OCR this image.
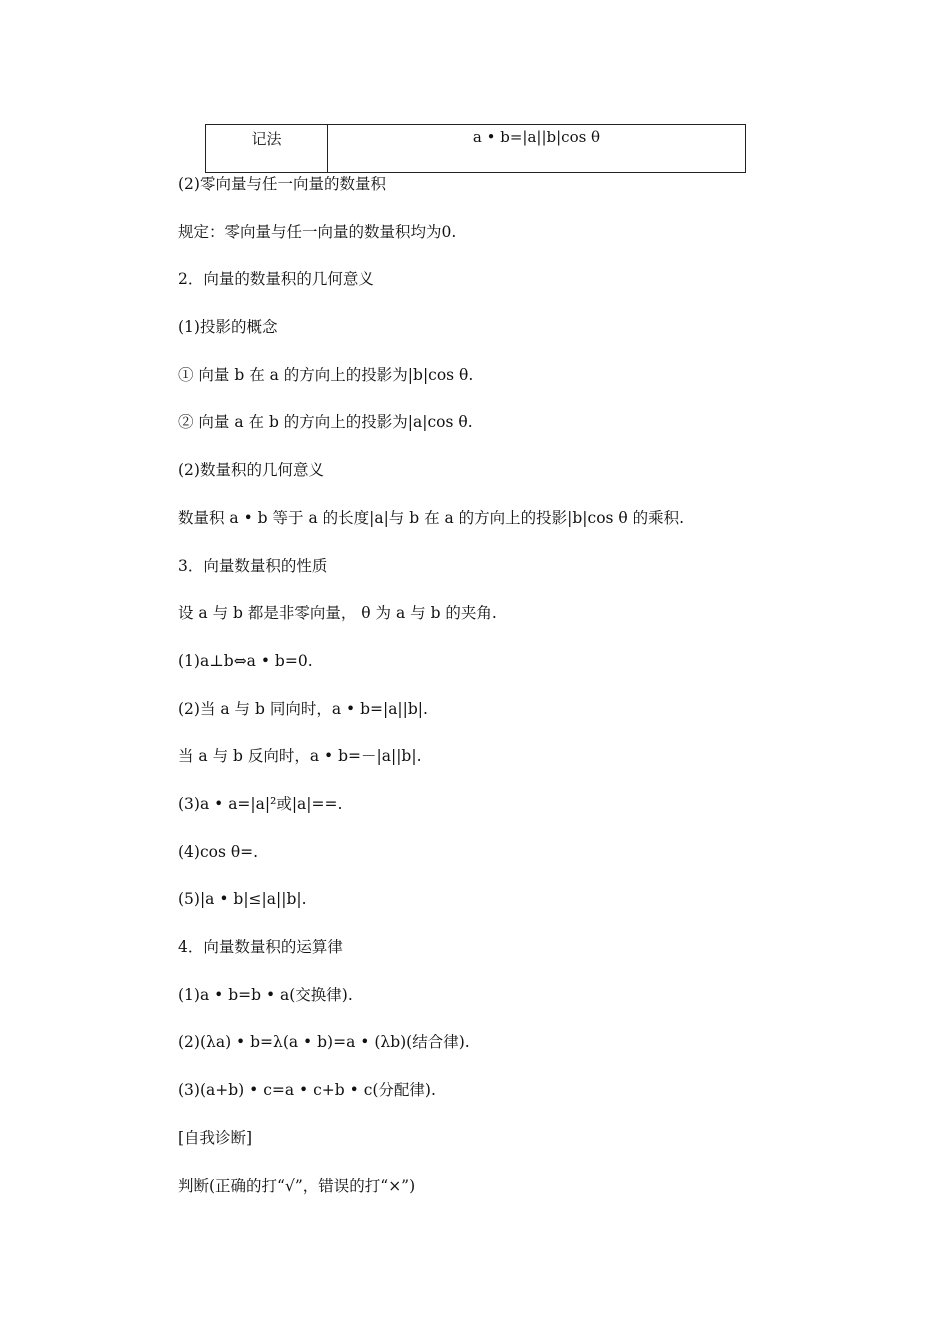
记法	a • b=|a||b|cos θ
(2)零向量与任一向量的数量积
规定：零向量与任一向量的数量积均为0.
2．向量的数量积的几何意义
(1)投影的概念
① 向量 b 在 a 的方向上的投影为|b|cos θ.
② 向量 a 在 b 的方向上的投影为|a|cos θ.
(2)数量积的几何意义
数量积 a • b 等于 a 的长度|a|与 b 在 a 的方向上的投影|b|cos θ 的乘积.
3．向量数量积的性质
设 a 与 b 都是非零向量， θ 为 a 与 b 的夹角.
(1)a⊥b⇔a • b=0.
(2)当 a 与 b 同向时，a • b=|a||b|.
当 a 与 b 反向时，a • b=－|a||b|.
(3)a • a=|a|²或|a|==.
(4)cos θ=.
(5)|a • b|≤|a||b|.
4．向量数量积的运算律
(1)a • b=b • a(交换律).
(2)(λa) • b=λ(a • b)=a • (λb)(结合律).
(3)(a+b) • c=a • c+b • c(分配律).
[自我诊断]
判断(正确的打“√”，错误的打“×”)
